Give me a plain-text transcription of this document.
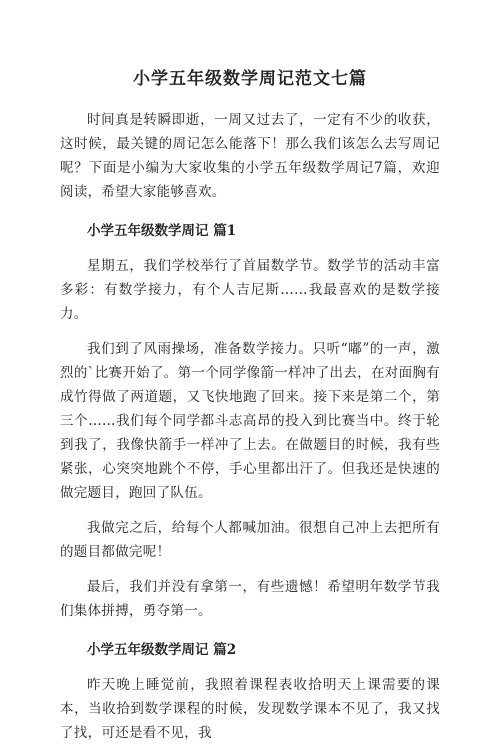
小学五年级数学周记范文七篇

时间真是转瞬即逝，一周又过去了，一定有不少的收获，这时候，最关键的周记怎么能落下！那么我们该怎么去写周记呢？下面是小编为大家收集的小学五年级数学周记7篇，欢迎阅读，希望大家能够喜欢。

小学五年级数学周记 篇1

星期五，我们学校举行了首届数学节。数学节的活动丰富多彩：有数学接力，有个人吉尼斯……我最喜欢的是数学接力。

我们到了风雨操场，准备数学接力。只听“嘟”的一声，激烈的`比赛开始了。第一个同学像箭一样冲了出去，在对面胸有成竹得做了两道题，又飞快地跑了回来。接下来是第二个，第三个……我们每个同学都斗志高昂的投入到比赛当中。终于轮到我了，我像快箭手一样冲了上去。在做题目的时候，我有些紧张，心突突地跳个不停，手心里都出汗了。但我还是快速的做完题目，跑回了队伍。

我做完之后，给每个人都喊加油。很想自己冲上去把所有的题目都做完呢！

最后，我们并没有拿第一，有些遗憾！希望明年数学节我们集体拼搏，勇夺第一。

小学五年级数学周记 篇2

昨天晚上睡觉前，我照着课程表收拾明天上课需要的课本，当收拾到数学课程的时候，发现数学课本不见了，我又找了找，可还是看不见，我
